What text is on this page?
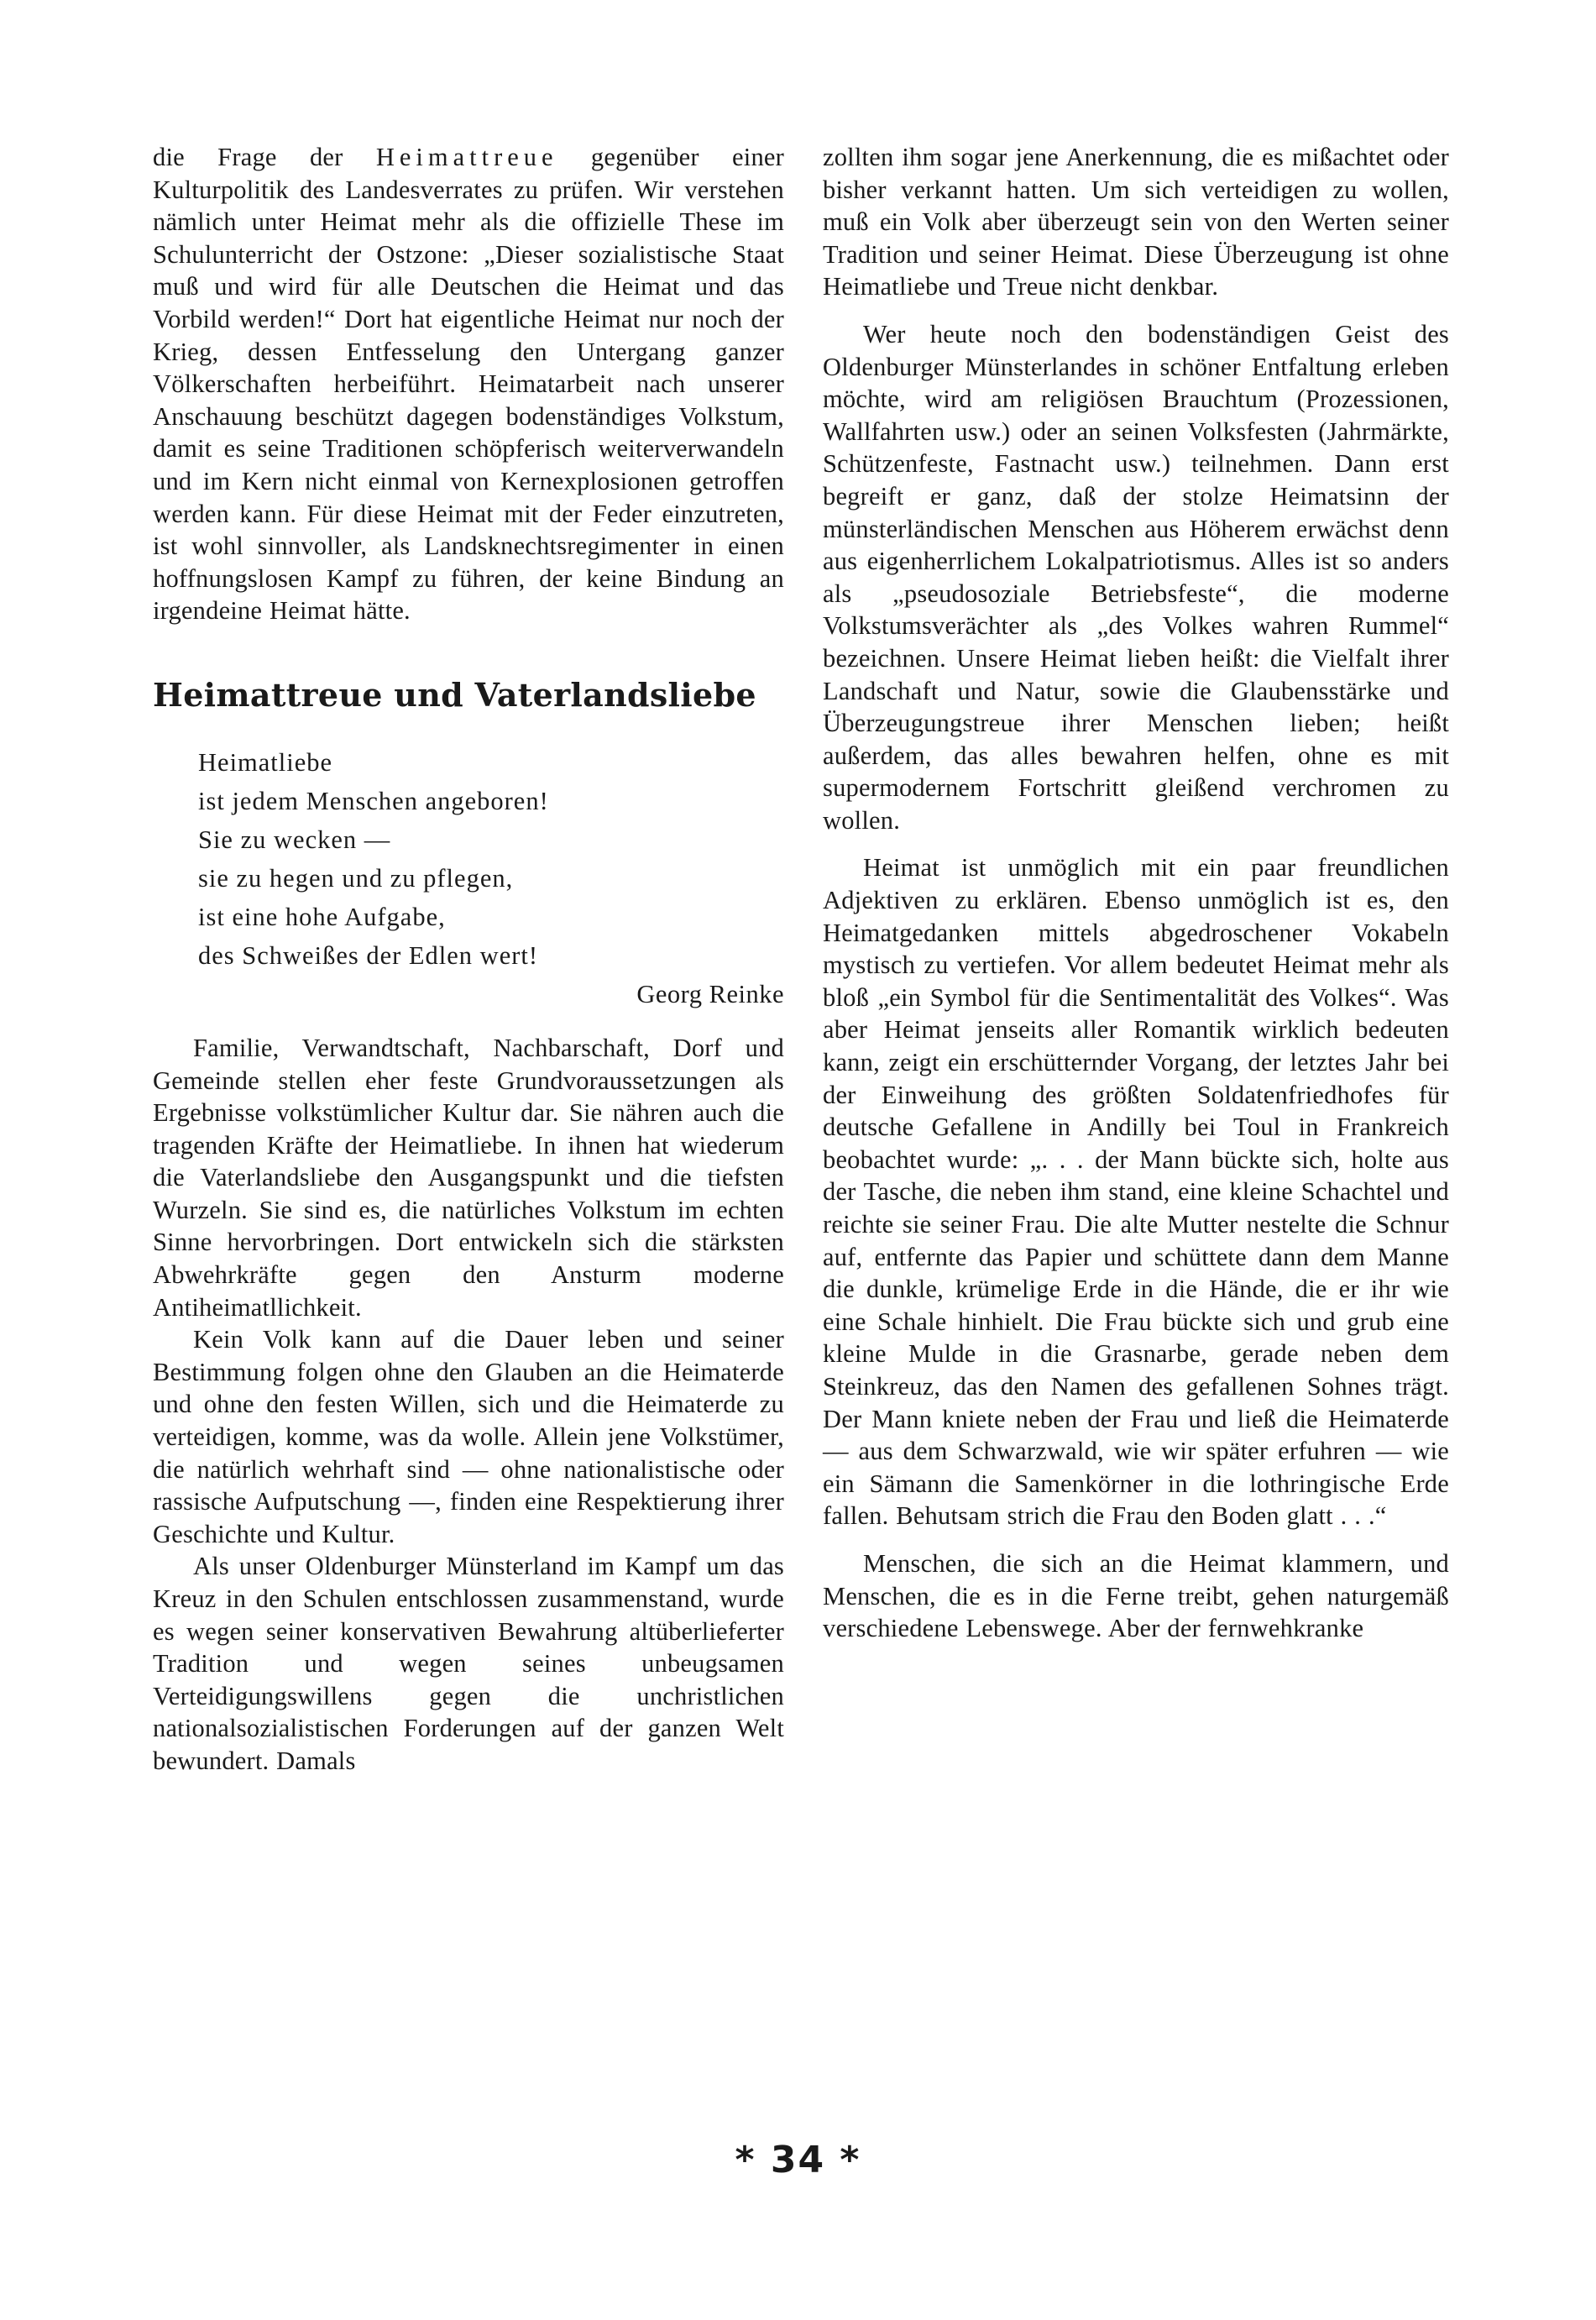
die Frage der Heimattreue gegenüber einer Kulturpolitik des Landesverrates zu prüfen. Wir verstehen nämlich unter Heimat mehr als die offizielle These im Schulunterricht der Ostzone: „Dieser sozialistische Staat muß und wird für alle Deutschen die Heimat und das Vorbild werden!“ Dort hat eigentliche Heimat nur noch der Krieg, dessen Entfesselung den Untergang ganzer Völkerschaften herbeiführt. Heimatarbeit nach unserer Anschauung beschützt dagegen bodenständiges Volkstum, damit es seine Traditionen schöpferisch weiterverwandeln und im Kern nicht einmal von Kernexplosionen getroffen werden kann. Für diese Heimat mit der Feder einzutreten, ist wohl sinnvoller, als Landsknechtsregimenter in einen hoffnungslosen Kampf zu führen, der keine Bindung an irgendeine Heimat hätte.

Heimattreue und Vaterlandsliebe
Heimatliebe
ist jedem Menschen angeboren!
Sie zu wecken —
sie zu hegen und zu pflegen,
ist eine hohe Aufgabe,
des Schweißes der Edlen wert!
Georg Reinke

Familie, Verwandtschaft, Nachbarschaft, Dorf und Gemeinde stellen eher feste Grundvoraussetzungen als Ergebnisse volkstümlicher Kultur dar. Sie nähren auch die tragenden Kräfte der Heimatliebe. In ihnen hat wiederum die Vaterlandsliebe den Ausgangspunkt und die tiefsten Wurzeln. Sie sind es, die natürliches Volkstum im echten Sinne hervorbringen. Dort entwickeln sich die stärksten Abwehrkräfte gegen den Ansturm moderne Antiheimatllichkeit.

Kein Volk kann auf die Dauer leben und seiner Bestimmung folgen ohne den Glauben an die Heimaterde und ohne den festen Willen, sich und die Heimaterde zu verteidigen, komme, was da wolle. Allein jene Volkstümer, die natürlich wehrhaft sind — ohne nationalistische oder rassische Aufputschung —, finden eine Respektierung ihrer Geschichte und Kultur.

Als unser Oldenburger Münsterland im Kampf um das Kreuz in den Schulen entschlossen zusammenstand, wurde es wegen seiner konservativen Bewahrung altüberlieferter Tradition und wegen seines unbeugsamen Verteidigungswillens gegen die unchristlichen nationalsozialistischen Forderungen auf der ganzen Welt bewundert. Damals

zollten ihm sogar jene Anerkennung, die es mißachtet oder bisher verkannt hatten. Um sich verteidigen zu wollen, muß ein Volk aber überzeugt sein von den Werten seiner Tradition und seiner Heimat. Diese Überzeugung ist ohne Heimatliebe und Treue nicht denkbar.

Wer heute noch den bodenständigen Geist des Oldenburger Münsterlandes in schöner Entfaltung erleben möchte, wird am religiösen Brauchtum (Prozessionen, Wallfahrten usw.) oder an seinen Volksfesten (Jahrmärkte, Schützenfeste, Fastnacht usw.) teilnehmen. Dann erst begreift er ganz, daß der stolze Heimatsinn der münsterländischen Menschen aus Höherem erwächst denn aus eigenherrlichem Lokalpatriotismus. Alles ist so anders als „pseudosoziale Betriebsfeste“, die moderne Volkstumsverächter als „des Volkes wahren Rummel“ bezeichnen. Unsere Heimat lieben heißt: die Vielfalt ihrer Landschaft und Natur, sowie die Glaubensstärke und Überzeugungstreue ihrer Menschen lieben; heißt außerdem, das alles bewahren helfen, ohne es mit supermodernem Fortschritt gleißend verchromen zu wollen.

Heimat ist unmöglich mit ein paar freundlichen Adjektiven zu erklären. Ebenso unmöglich ist es, den Heimatgedanken mittels abgedroschener Vokabeln mystisch zu vertiefen. Vor allem bedeutet Heimat mehr als bloß „ein Symbol für die Sentimentalität des Volkes“. Was aber Heimat jenseits aller Romantik wirklich bedeuten kann, zeigt ein erschütternder Vorgang, der letztes Jahr bei der Einweihung des größten Soldatenfriedhofes für deutsche Gefallene in Andilly bei Toul in Frankreich beobachtet wurde: „. . . der Mann bückte sich, holte aus der Tasche, die neben ihm stand, eine kleine Schachtel und reichte sie seiner Frau. Die alte Mutter nestelte die Schnur auf, entfernte das Papier und schüttete dann dem Manne die dunkle, krümelige Erde in die Hände, die er ihr wie eine Schale hinhielt. Die Frau bückte sich und grub eine kleine Mulde in die Grasnarbe, gerade neben dem Steinkreuz, das den Namen des gefallenen Sohnes trägt. Der Mann kniete neben der Frau und ließ die Heimaterde — aus dem Schwarzwald, wie wir später erfuhren — wie ein Sämann die Samenkörner in die lothringische Erde fallen. Behutsam strich die Frau den Boden glatt . . .“

Menschen, die sich an die Heimat klammern, und Menschen, die es in die Ferne treibt, gehen naturgemäß verschiedene Lebenswege. Aber der fernwehkranke

* 34 *
